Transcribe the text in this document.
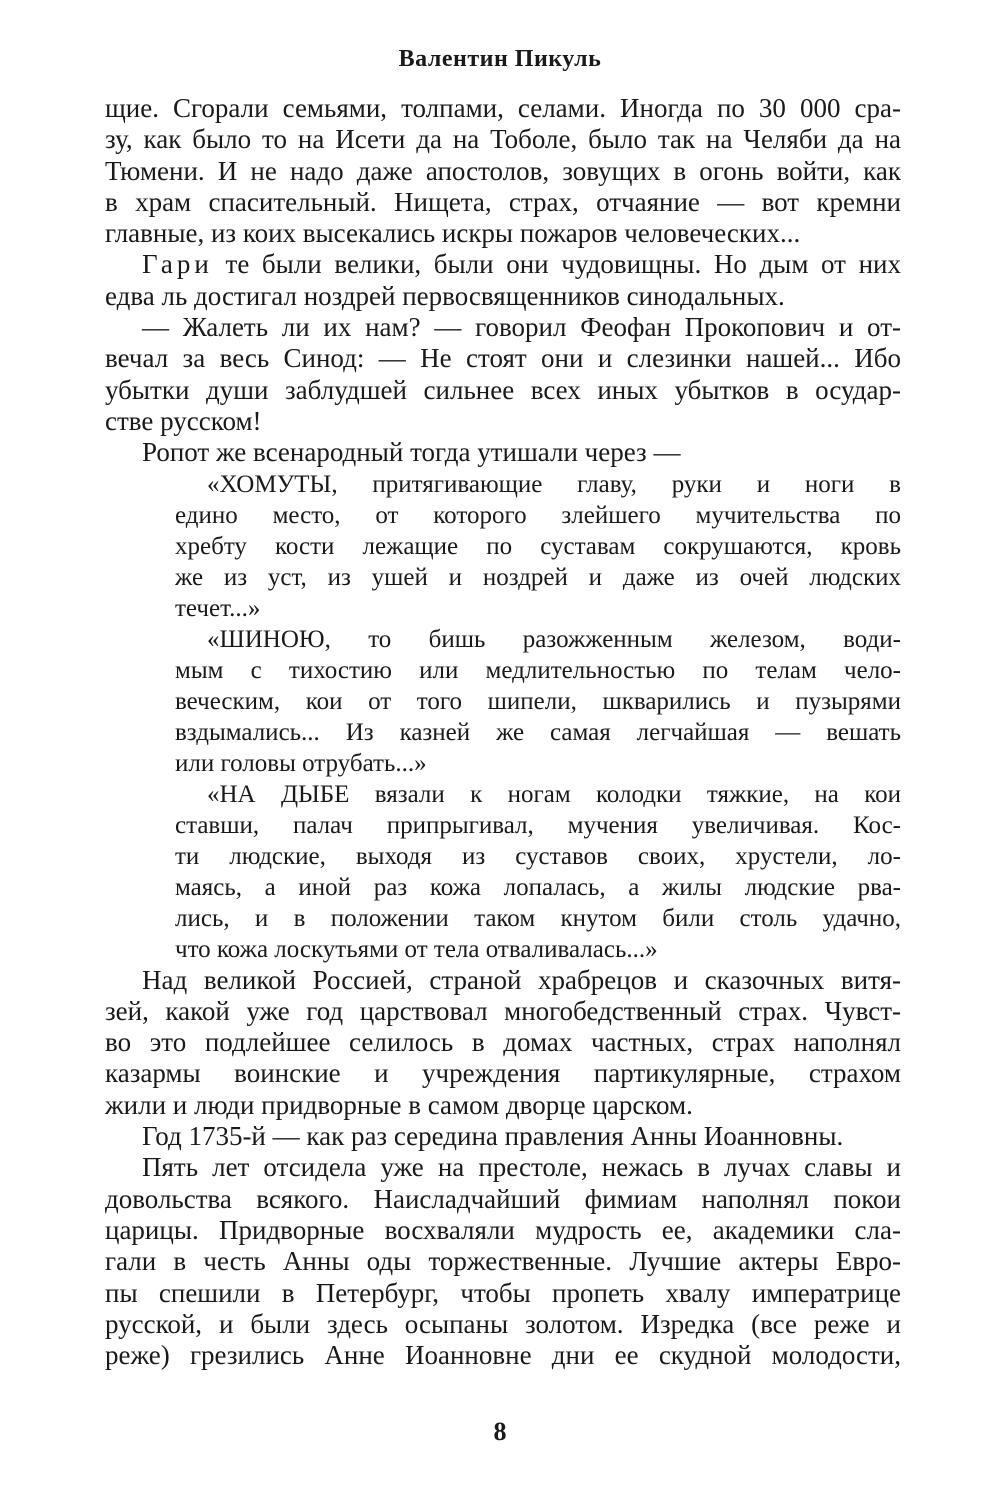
Валентин Пикуль
щие. Сгорали семьями, толпами, селами. Иногда по 30 000 сра-
зу, как было то на Исети да на Тоболе, было так на Челяби да на
Тюмени. И не надо даже апостолов, зовущих в огонь войти, как
в храм спасительный. Нищета, страх, отчаяние — вот кремни
главные, из коих высекались искры пожаров человеческих...
Гари те были велики, были они чудовищны. Но дым от них
едва ль достигал ноздрей первосвященников синодальных.
— Жалеть ли их нам? — говорил Феофан Прокопович и от-
вечал за весь Синод: — Не стоят они и слезинки нашей... Ибо
убытки души заблудшей сильнее всех иных убытков в осудар-
стве русском!
Ропот же всенародный тогда утишали через —
«ХОМУТЫ, притягивающие главу, руки и ноги в
едино место, от которого злейшего мучительства по
хребту кости лежащие по суставам сокрушаются, кровь
же из уст, из ушей и ноздрей и даже из очей людских
течет...»
«ШИНОЮ, то бишь разожженным железом, води-
мым с тихостию или медлительностью по телам чело-
веческим, кои от того шипели, шкварились и пузырями
вздымались... Из казней же самая легчайшая — вешать
или головы отрубать...»
«НА ДЫБЕ вязали к ногам колодки тяжкие, на кои
ставши, палач припрыгивал, мучения увеличивая. Кос-
ти людские, выходя из суставов своих, хрустели, ло-
маясь, а иной раз кожа лопалась, а жилы людские рва-
лись, и в положении таком кнутом били столь удачно,
что кожа лоскутьями от тела отваливалась...»
Над великой Россией, страной храбрецов и сказочных витя-
зей, какой уже год царствовал многобедственный страх. Чувст-
во это подлейшее селилось в домах частных, страх наполнял
казармы воинские и учреждения партикулярные, страхом
жили и люди придворные в самом дворце царском.
Год 1735-й — как раз середина правления Анны Иоанновны.
Пять лет отсидела уже на престоле, нежась в лучах славы и
довольства всякого. Наисладчайший фимиам наполнял покои
царицы. Придворные восхваляли мудрость ее, академики сла-
гали в честь Анны оды торжественные. Лучшие актеры Евро-
пы спешили в Петербург, чтобы пропеть хвалу императрице
русской, и были здесь осыпаны золотом. Изредка (все реже и
реже) грезились Анне Иоанновне дни ее скудной молодости,
8
